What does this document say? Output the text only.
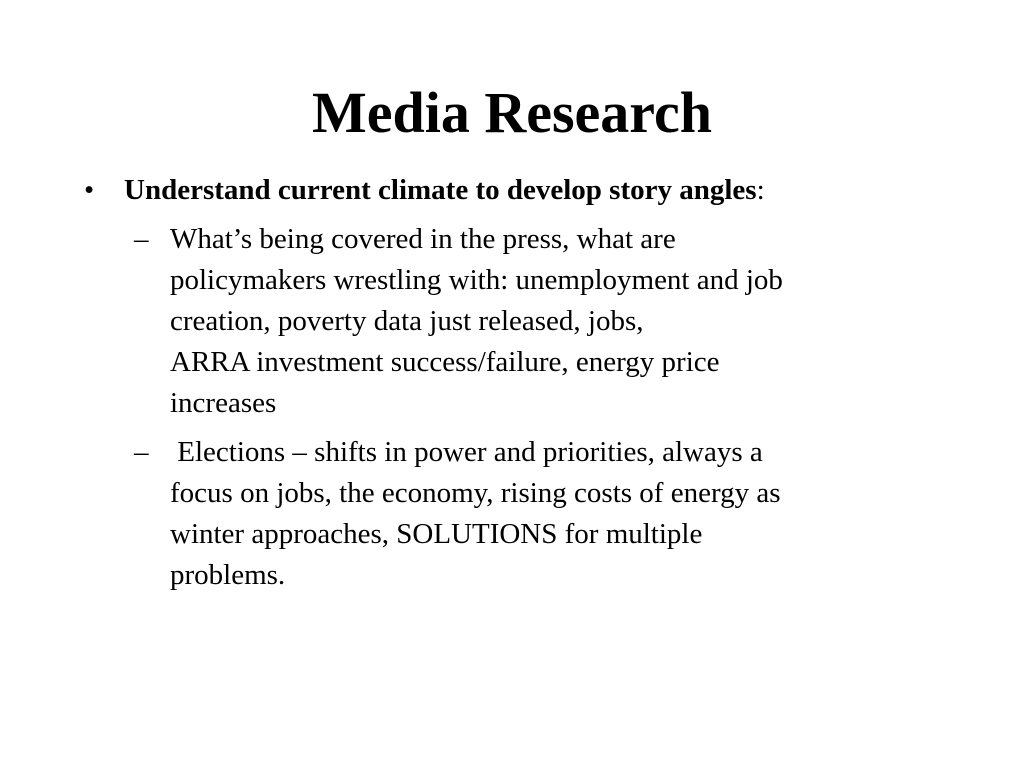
Media Research
• Understand current climate to develop story angles:
– What’s being covered in the press, what are
policymakers wrestling with: unemployment and job
creation, poverty data just released, jobs,
ARRA investment success/failure, energy price
increases
– Elections – shifts in power and priorities, always a
focus on jobs, the economy, rising costs of energy as
winter approaches, SOLUTIONS for multiple
problems.
